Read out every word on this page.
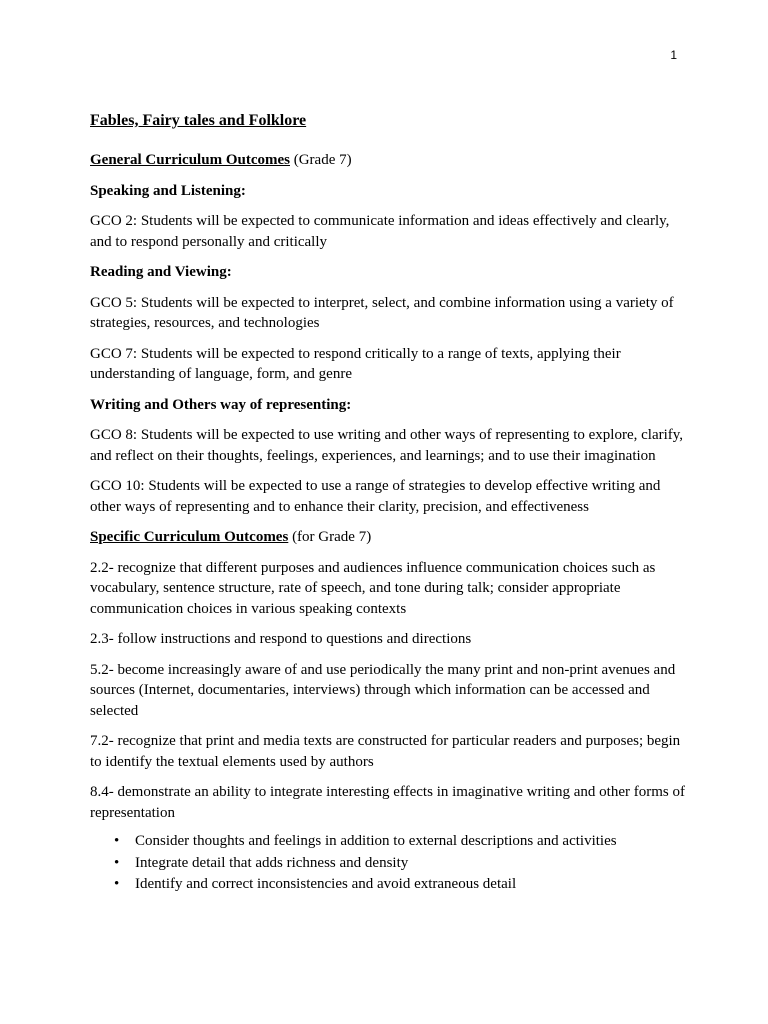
1
Fables, Fairy tales and Folklore
General Curriculum Outcomes (Grade 7)
Speaking and Listening:

GCO 2: Students will be expected to communicate information and ideas effectively and clearly, and to respond personally and critically

Reading and Viewing:

GCO 5: Students will be expected to interpret, select, and combine information using a variety of strategies, resources, and technologies

GCO 7: Students will be expected to respond critically to a range of texts, applying their understanding of language, form, and genre

Writing and Others way of representing:

GCO 8: Students will be expected to use writing and other ways of representing to explore, clarify, and reflect on their thoughts, feelings, experiences, and learnings; and to use their imagination

GCO 10: Students will be expected to use a range of strategies to develop effective writing and other ways of representing and to enhance their clarity, precision, and effectiveness

Specific Curriculum Outcomes (for Grade 7)

2.2- recognize that different purposes and audiences influence communication choices such as vocabulary, sentence structure, rate of speech, and tone during talk; consider appropriate communication choices in various speaking contexts

2.3- follow instructions and respond to questions and directions

5.2- become increasingly aware of and use periodically the many print and non-print avenues and sources (Internet, documentaries, interviews) through which information can be accessed and selected

7.2- recognize that print and media texts are constructed for particular readers and purposes; begin to identify the textual elements used by authors

8.4- demonstrate an ability to integrate interesting effects in imaginative writing and other forms of representation

• Consider thoughts and feelings in addition to external descriptions and activities
• Integrate detail that adds richness and density
• Identify and correct inconsistencies and avoid extraneous detail
